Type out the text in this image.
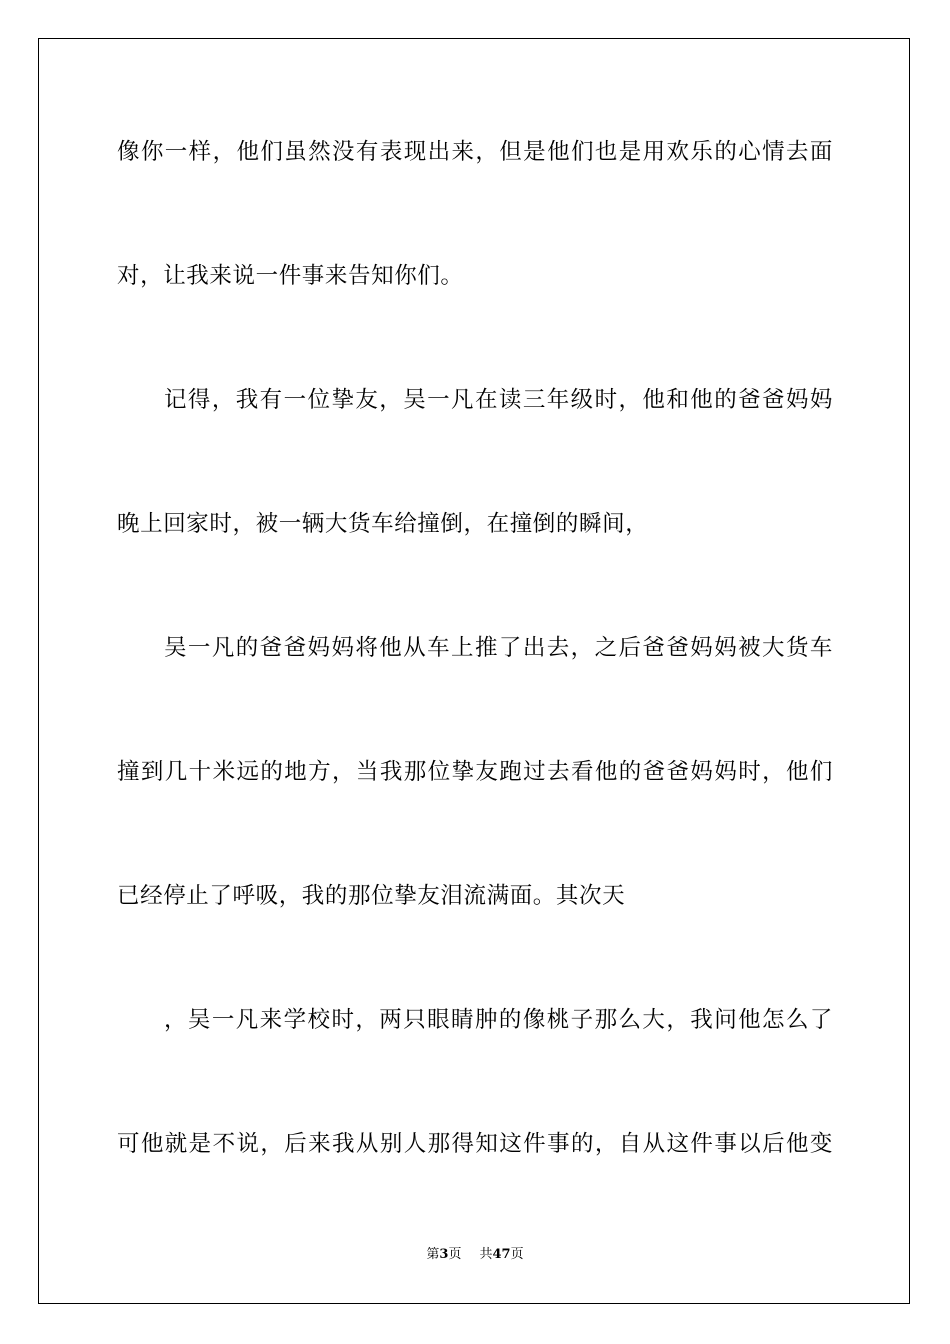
像你一样，他们虽然没有表现出来，但是他们也是用欢乐的心情去面
对，让我来说一件事来告知你们。
记得，我有一位挚友，吴一凡在读三年级时，他和他的爸爸妈妈
晚上回家时，被一辆大货车给撞倒，在撞倒的瞬间，
吴一凡的爸爸妈妈将他从车上推了出去，之后爸爸妈妈被大货车
撞到几十米远的地方，当我那位挚友跑过去看他的爸爸妈妈时，他们
已经停止了呼吸，我的那位挚友泪流满面。其次天
，吴一凡来学校时，两只眼睛肿的像桃子那么大，我问他怎么了
可他就是不说，后来我从别人那得知这件事的，自从这件事以后他变
第3页 共47页
